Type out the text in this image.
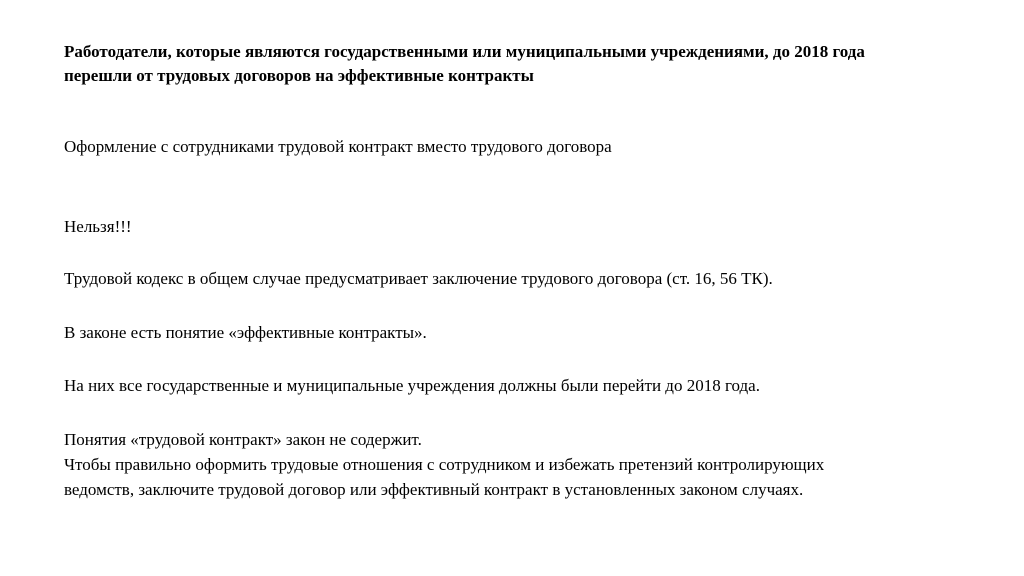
Работодатели, которые являются государственными или муниципальными учреждениями, до 2018 года
перешли от трудовых договоров на эффективные контракты

Оформление с сотрудниками трудовой контракт вместо трудового договора

Нельзя!!!

Трудовой кодекс в общем случае предусматривает заключение трудового договора (ст. 16, 56 ТК).

В законе есть понятие «эффективные контракты».

На них все государственные и муниципальные учреждения должны были перейти до 2018 года.

Понятия «трудовой контракт» закон не содержит.
Чтобы правильно оформить трудовые отношения с сотрудником и избежать претензий контролирующих
ведомств, заключите трудовой договор или эффективный контракт в установленных законом случаях.
